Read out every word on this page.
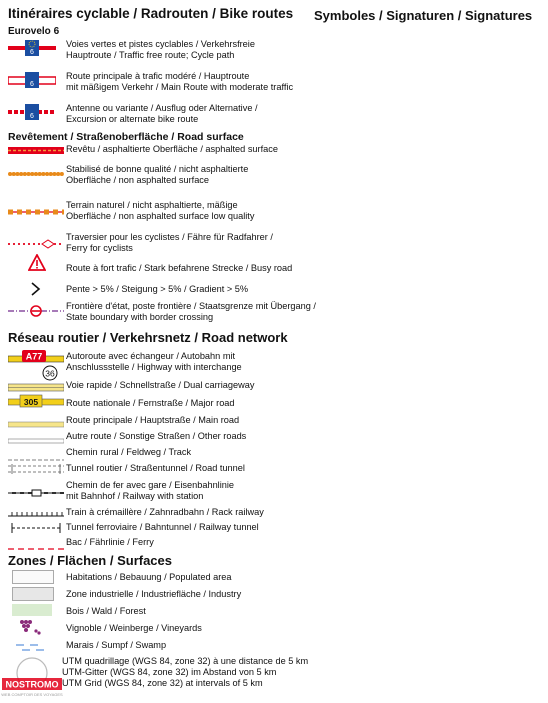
Itinéraires cyclable / Radrouten / Bike routes
Eurovelo 6
6
Voies vertes et pistes cyclables / Verkehrsfreie
Hauptroute / Traffic free route; Cycle path
6
Route principale à trafic modéré / Hauptroute
mit mäßigem Verkehr / Main Route with moderate traffic
6
Antenne ou variante / Ausflug oder Alternative /
Excursion or alternate bike route
Revêtement / Straßenoberfläche / Road surface
Revêtu / asphaltierte Oberfläche / asphalted surface
Stabilisé de bonne qualité / nicht asphaltierte
Oberfläche / non asphalted surface
Terrain naturel / nicht asphaltierte, mäßige
Oberfläche / non asphalted surface low quality
Traversier pour les cyclistes / Fähre für Radfahrer /
Ferry for cyclists
Route à fort trafic / Stark befahrene Strecke / Busy road
Pente > 5% / Steigung > 5% / Gradient > 5%
Frontière d'état, poste frontière / Staatsgrenze mit Übergang /
State boundary with border crossing
Réseau routier / Verkehrsnetz / Road network
A77
36
Autoroute avec échangeur / Autobahn mit
Anschlussstelle / Highway with interchange
Voie rapide / Schnellstraße / Dual carriageway
305	Route nationale / Fernstraße / Major road
Route principale / Hauptstraße / Main road
Autre route / Sonstige Straßen / Other roads
Chemin rural / Feldweg / Track
Tunnel routier / Straßentunnel / Road tunnel
Chemin de fer avec gare / Eisenbahnlinie
mit Bahnhof / Railway with station
Train à crémaillère / Zahnradbahn / Rack railway
Tunnel ferroviaire / Bahntunnel / Railway tunnel
Bac / Fährlinie / Ferry
Zones / Flächen / Surfaces
Habitations / Bebauung / Populated area
Zone industrielle / Industriefläche / Industry
Bois / Wald / Forest
Vignoble / Weinberge / Vineyards
Marais / Sumpf / Swamp
UTM quadrillage (WGS 84, zone 32) à une distance de 5 km
UTM-Gitter (WGS 84, zone 32) im Abstand von 5 km
UTM Grid (WGS 84, zone 32) at intervals of 5 km
NOSTROMO
WEB COMPTOIR DES VOYAGES
Symboles / Signaturen / Signatures
